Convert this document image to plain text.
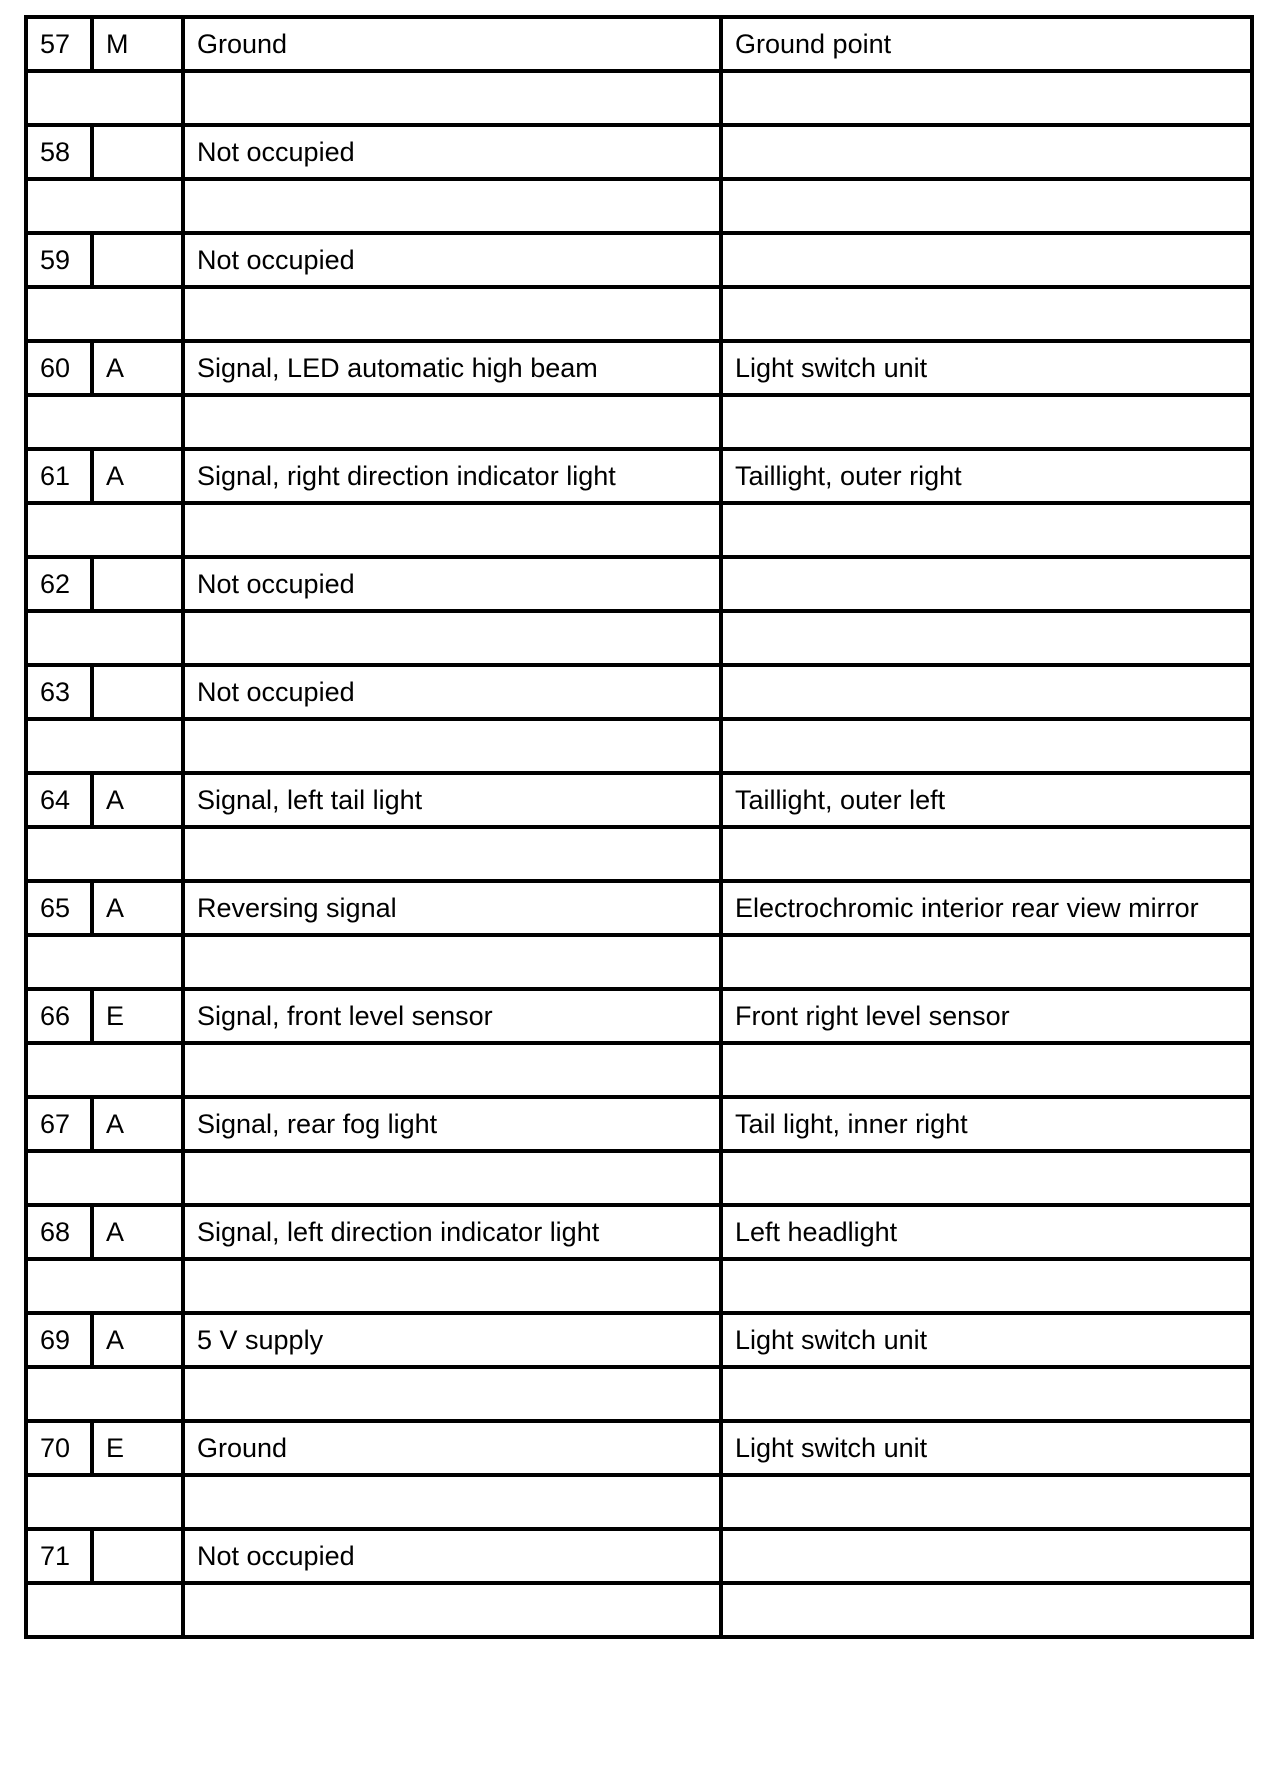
57	M	Ground	Ground point

58		Not occupied	

59		Not occupied	

60	A	Signal, LED automatic high beam	Light switch unit

61	A	Signal, right direction indicator light	Taillight, outer right

62		Not occupied	

63		Not occupied	

64	A	Signal, left tail light	Taillight, outer left

65	A	Reversing signal	Electrochromic interior rear view mirror

66	E	Signal, front level sensor	Front right level sensor

67	A	Signal, rear fog light	Tail light, inner right

68	A	Signal, left direction indicator light	Left headlight

69	A	5 V supply	Light switch unit

70	E	Ground	Light switch unit

71		Not occupied	
